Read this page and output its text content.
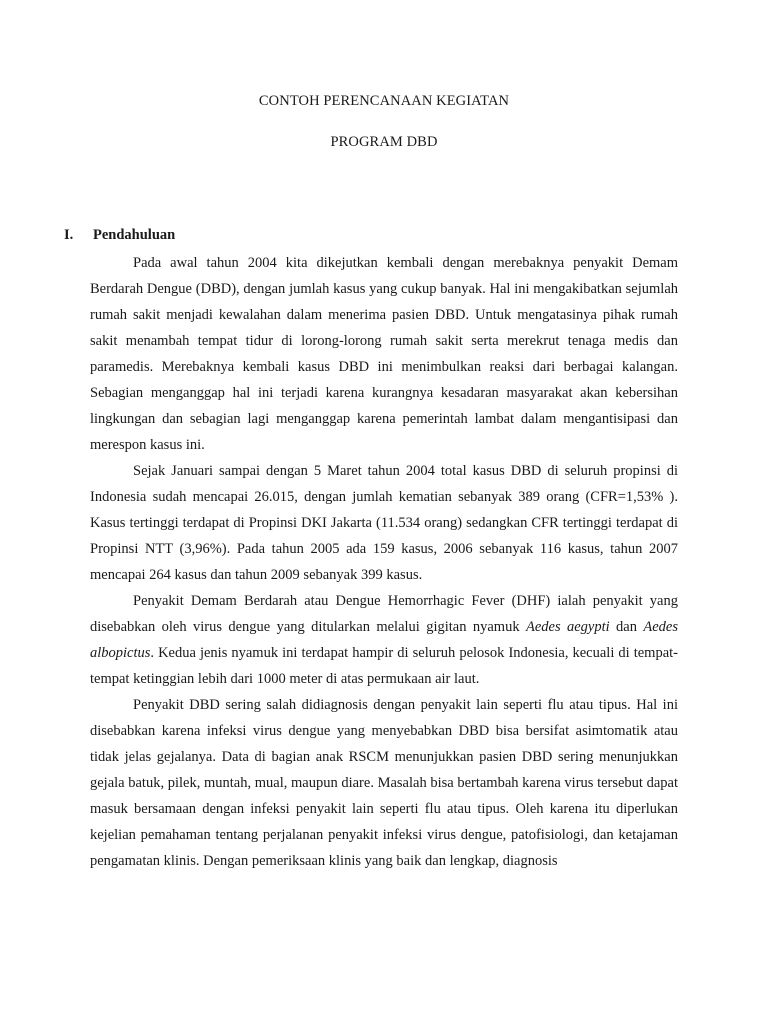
CONTOH PERENCANAAN KEGIATAN
PROGRAM DBD
I. Pendahuluan

Pada awal tahun 2004 kita dikejutkan kembali dengan merebaknya penyakit Demam Berdarah Dengue (DBD), dengan jumlah kasus yang cukup banyak. Hal ini mengakibatkan sejumlah rumah sakit menjadi kewalahan dalam menerima pasien DBD. Untuk mengatasinya pihak rumah sakit menambah tempat tidur di lorong-lorong rumah sakit serta merekrut tenaga medis dan paramedis. Merebaknya kembali kasus DBD ini menimbulkan reaksi dari berbagai kalangan. Sebagian menganggap hal ini terjadi karena kurangnya kesadaran masyarakat akan kebersihan lingkungan dan sebagian lagi menganggap karena pemerintah lambat dalam mengantisipasi dan merespon kasus ini.

Sejak Januari sampai dengan 5 Maret tahun 2004 total kasus DBD di seluruh propinsi di Indonesia sudah mencapai 26.015, dengan jumlah kematian sebanyak 389 orang (CFR=1,53% ). Kasus tertinggi terdapat di Propinsi DKI Jakarta (11.534 orang) sedangkan CFR tertinggi terdapat di Propinsi NTT (3,96%). Pada tahun 2005 ada 159 kasus, 2006 sebanyak 116 kasus, tahun 2007 mencapai 264 kasus dan tahun 2009 sebanyak 399 kasus.

Penyakit Demam Berdarah atau Dengue Hemorrhagic Fever (DHF) ialah penyakit yang disebabkan oleh virus dengue yang ditularkan melalui gigitan nyamuk Aedes aegypti dan Aedes albopictus. Kedua jenis nyamuk ini terdapat hampir di seluruh pelosok Indonesia, kecuali di tempat-tempat ketinggian lebih dari 1000 meter di atas permukaan air laut.

Penyakit DBD sering salah didiagnosis dengan penyakit lain seperti flu atau tipus. Hal ini disebabkan karena infeksi virus dengue yang menyebabkan DBD bisa bersifat asimtomatik atau tidak jelas gejalanya. Data di bagian anak RSCM menunjukkan pasien DBD sering menunjukkan gejala batuk, pilek, muntah, mual, maupun diare. Masalah bisa bertambah karena virus tersebut dapat masuk bersamaan dengan infeksi penyakit lain seperti flu atau tipus. Oleh karena itu diperlukan kejelian pemahaman tentang perjalanan penyakit infeksi virus dengue, patofisiologi, dan ketajaman pengamatan klinis. Dengan pemeriksaan klinis yang baik dan lengkap, diagnosis
